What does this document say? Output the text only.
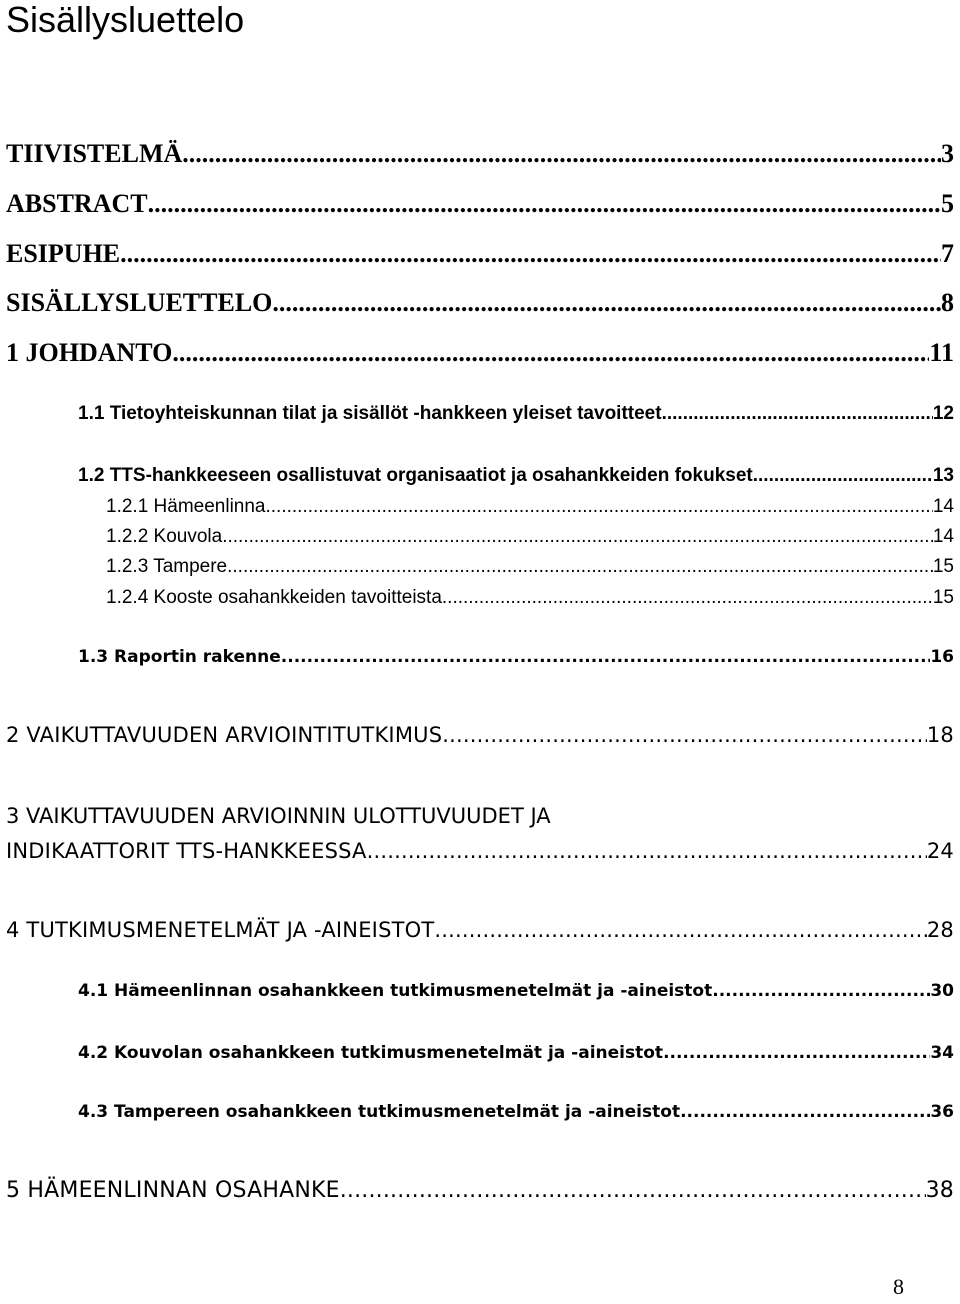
Sisällysluettelo
TIIVISTELMÄ .....	3
ABSTRACT .....	5
ESIPUHE .....	7
SISÄLLYSLUETTELO .....	8
1 JOHDANTO .....	11
1.1 Tietoyhteiskunnan tilat ja sisällöt -hankkeen yleiset tavoitteet .....	12
1.2 TTS-hankkeeseen osallistuvat organisaatiot ja osahankkeiden fokukset .....	13
1.2.1 Hämeenlinna .....	14
1.2.2 Kouvola .....	14
1.2.3 Tampere .....	15
1.2.4 Kooste osahankkeiden tavoitteista .....	15
1.3 Raportin rakenne .....	16
2 VAIKUTTAVUUDEN ARVIOINTITUTKIMUS .....	18
3 VAIKUTTAVUUDEN ARVIOINNIN ULOTTUVUUDET JA
INDIKAATTORIT TTS-HANKKEESSA .....	24
4 TUTKIMUSMENETELMÄT JA -AINEISTOT .....	28
4.1 Hämeenlinnan osahankkeen tutkimusmenetelmät ja -aineistot .....	30
4.2 Kouvolan osahankkeen tutkimusmenetelmät ja -aineistot .....	34
4.3 Tampereen osahankkeen tutkimusmenetelmät ja -aineistot .....	36
5 HÄMEENLINNAN OSAHANKE .....	38
8
